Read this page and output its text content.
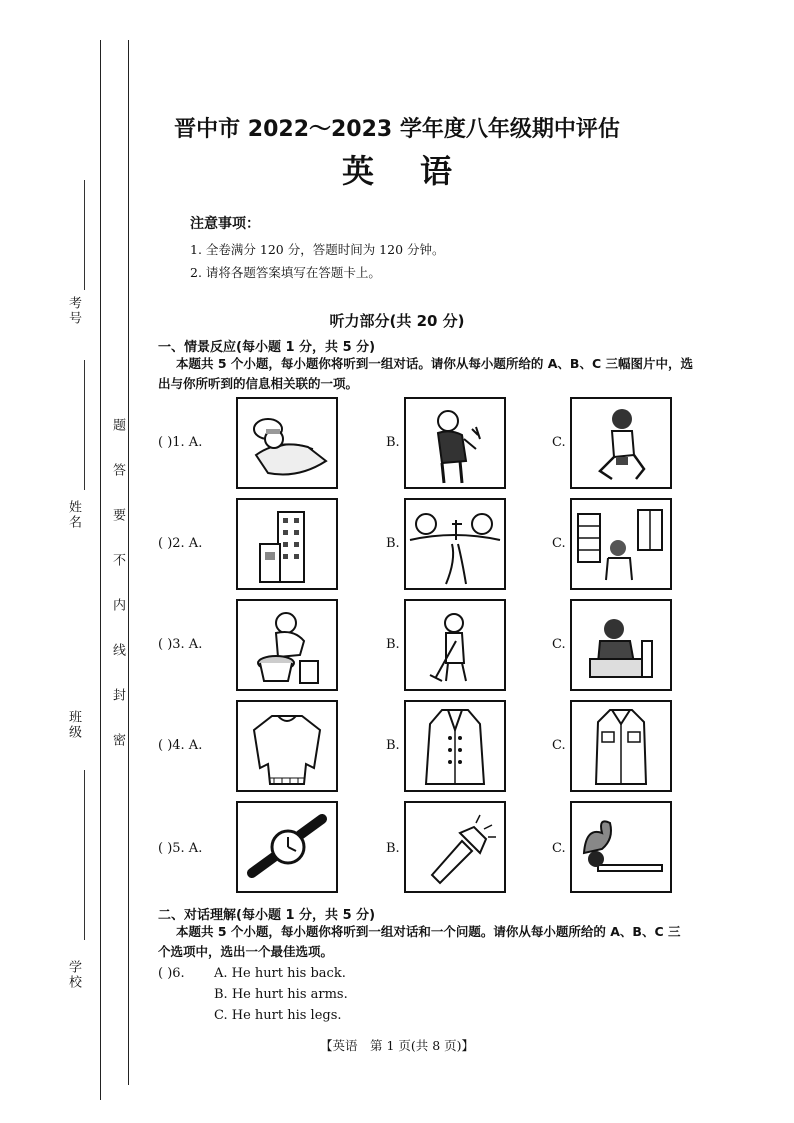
考号
姓名
班级
学校
题
答
要
不
内
线
封
密
晋中市 2022～2023 学年度八年级期中评估
英语
注意事项：
1. 全卷满分 120 分，答题时间为 120 分钟。
2. 请将各题答案填写在答题卡上。
听力部分(共 20 分)
一、情景反应(每小题 1 分，共 5 分)
本题共 5 个小题，每小题你将听到一组对话。请你从每小题所给的 A、B、C 三幅图片中，选
出与你所听到的信息相关联的一项。
( )1. A.	B.	C.
( )2. A.	B.	C.
( )3. A.	B.	C.
( )4. A.	B.	C.
( )5. A.	B.	C.
二、对话理解(每小题 1 分，共 5 分)
本题共 5 个小题，每小题你将听到一组对话和一个问题。请你从每小题所给的 A、B、C 三
个选项中，选出一个最佳选项。
( )6. A. He hurt his back.
B. He hurt his arms.
C. He hurt his legs.
【英语　第 1 页(共 8 页)】
